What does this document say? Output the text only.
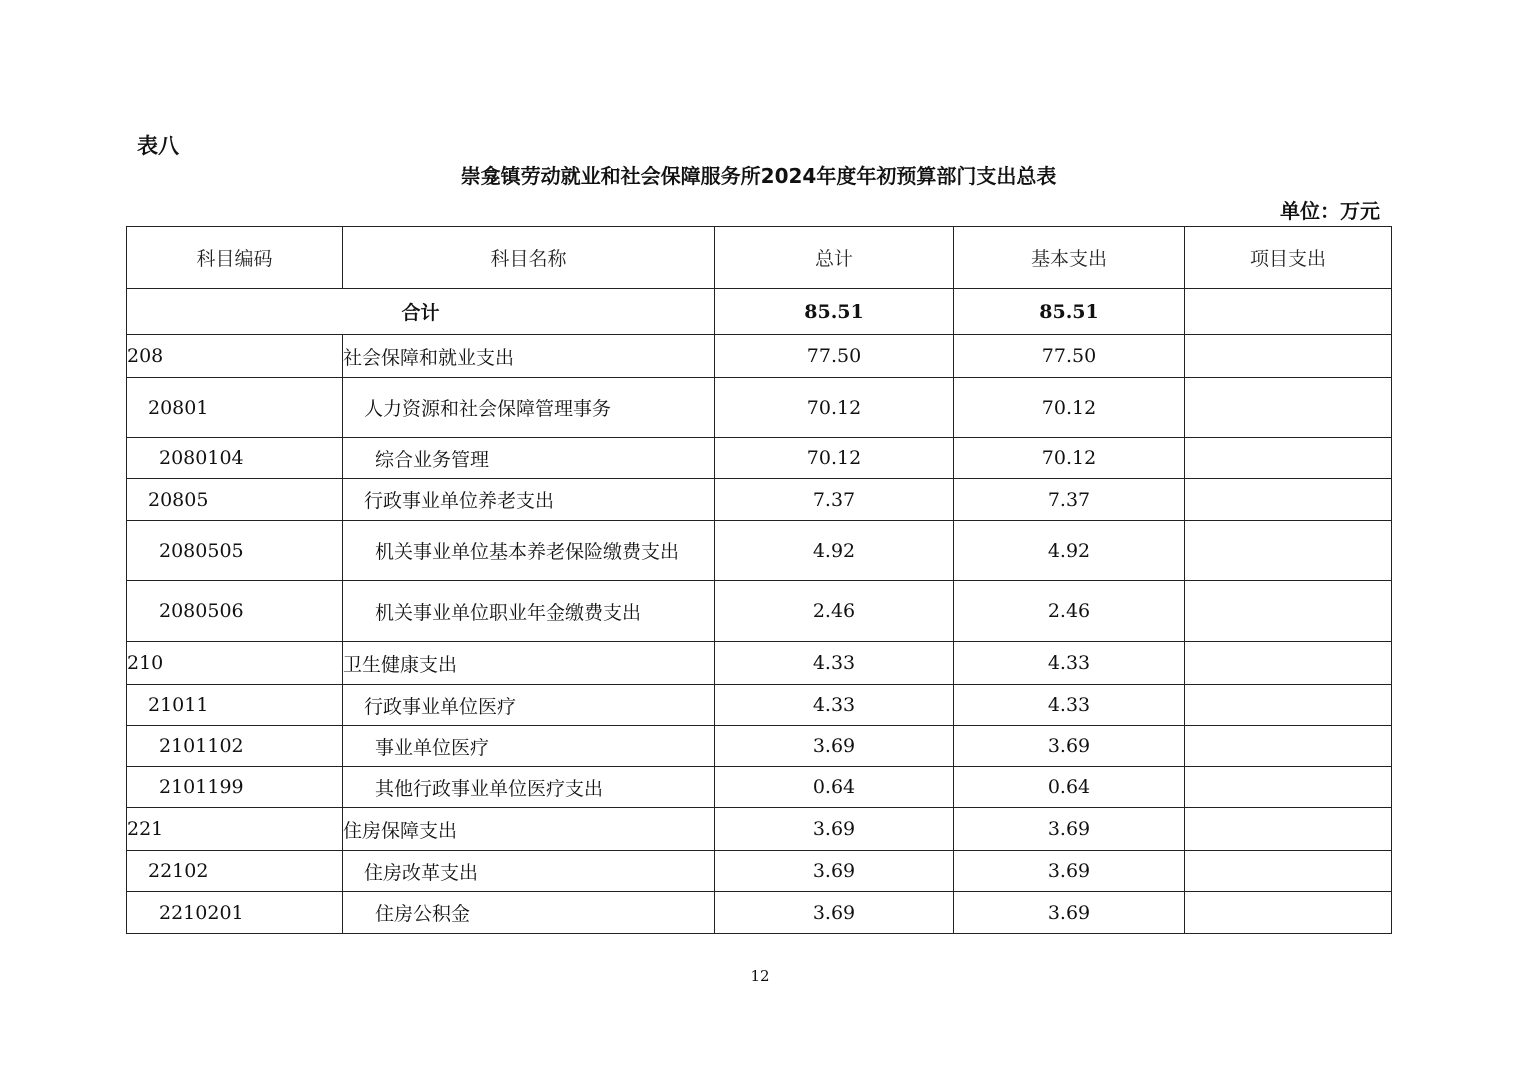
表八
崇龛镇劳动就业和社会保障服务所2024年度年初预算部门支出总表
单位：万元
科目编码	科目名称	总计	基本支出	项目支出
合计		85.51	85.51	
208	社会保障和就业支出	77.50	77.50	
20801	人力资源和社会保障管理事务	70.12	70.12	
2080104	综合业务管理	70.12	70.12	
20805	行政事业单位养老支出	7.37	7.37	
2080505	机关事业单位基本养老保险缴费支出	4.92	4.92	
2080506	机关事业单位职业年金缴费支出	2.46	2.46	
210	卫生健康支出	4.33	4.33	
21011	行政事业单位医疗	4.33	4.33	
2101102	事业单位医疗	3.69	3.69	
2101199	其他行政事业单位医疗支出	0.64	0.64	
221	住房保障支出	3.69	3.69	
22102	住房改革支出	3.69	3.69	
2210201	住房公积金	3.69	3.69	
12
